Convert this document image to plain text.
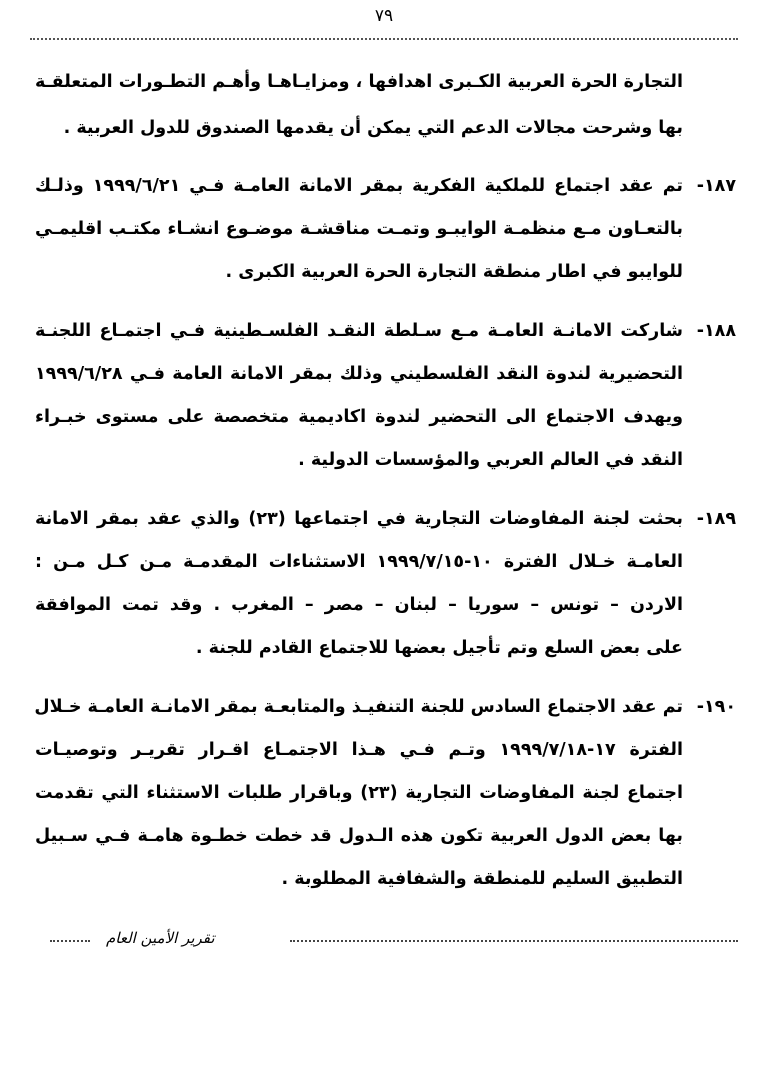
٧٩
التجارة الحرة العربية الكـبرى اهدافها ، ومزايـاهـا وأهـم التطـورات المتعلقـة
بها وشرحت مجالات الدعم التي يمكن أن يقدمها الصندوق للدول العربية .
١٨٧-
تم عقد اجتماع للملكية الفكرية بمقر الامانة العامـة فـي ١٩٩٩/٦/٢١ وذلـك
بالتعـاون مـع منظمـة الوايبـو وتمـت مناقشـة موضـوع انشـاء مكتـب اقليمـي
للوايبو في اطار منطقة التجارة الحرة العربية الكبرى .
١٨٨-
شاركت الامانـة العامـة مـع سـلطة النقـد الفلسـطينية فـي اجتمـاع اللجنـة
التحضيرية لندوة النقد الفلسطيني وذلك بمقر الامانة العامة فـي ١٩٩٩/٦/٢٨
ويهدف الاجتماع الى التحضير لندوة اكاديمية متخصصة على مستوى خبـراء
النقد في العالم العربي والمؤسسات الدولية .
١٨٩-
بحثت لجنة المفاوضات التجارية في اجتماعها (٢٣) والذي عقد بمقر الامانة
العامـة خـلال الفترة ١٠-١٩٩٩/٧/١٥ الاستثناءات المقدمـة مـن كـل مـن :
الاردن – تونس – سوريا – لبنان – مصر – المغرب . وقد تمت الموافقة
على بعض السلع وتم تأجيل بعضها للاجتماع القادم للجنة .
١٩٠-
تم عقد الاجتماع السادس للجنة التنفيـذ والمتابعـة بمقر الامانـة العامـة خـلال
الفترة ١٧-١٩٩٩/٧/١٨ وتـم فـي هـذا الاجتمـاع اقـرار تقريـر وتوصيـات
اجتماع لجنة المفاوضات التجارية (٢٣) وباقرار طلبات الاستثناء التي تقدمت
بها بعض الدول العربية تكون هذه الـدول قد خطت خطـوة هامـة فـي سـبيل
التطبيق السليم للمنطقة والشفافية المطلوبة .
تقرير الأمين العام
